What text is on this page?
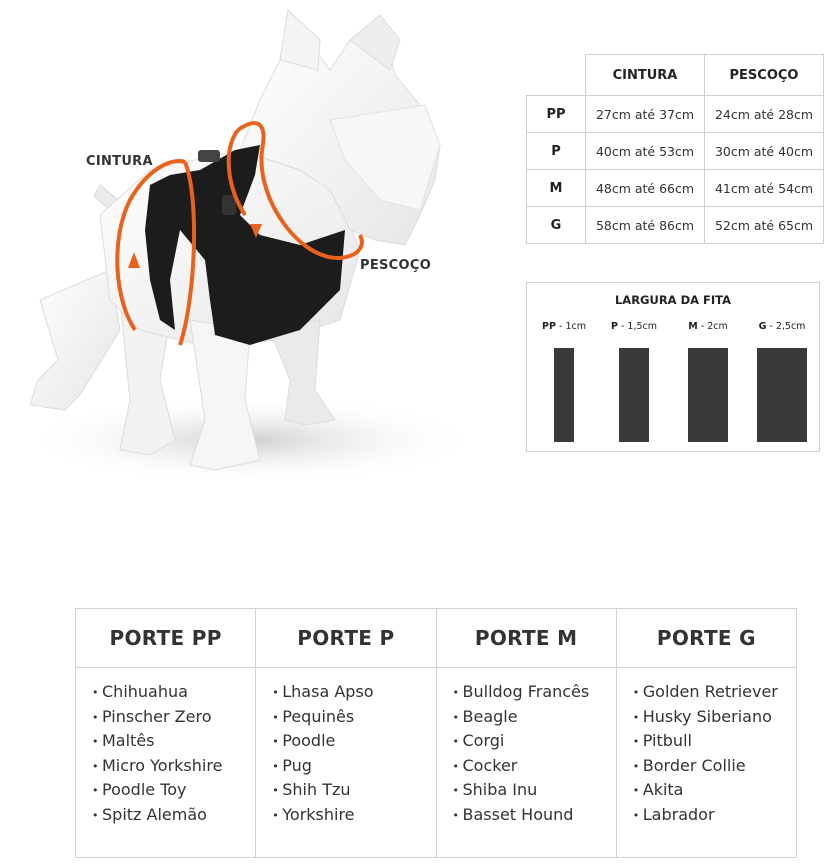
CINTURA
PESCOÇO
	CINTURA	PESCOÇO
PP	27cm até 37cm	24cm até 28cm
P	40cm até 53cm	30cm até 40cm
M	48cm até 66cm	41cm até 54cm
G	58cm até 86cm	52cm até 65cm
LARGURA DA FITA
PP - 1cm	P - 1,5cm	M - 2cm	G - 2,5cm
PORTE PP
• Chihuahua
• Pinscher Zero
• Maltês
• Micro Yorkshire
• Poodle Toy
• Spitz Alemão
PORTE P
• Lhasa Apso
• Pequinês
• Poodle
• Pug
• Shih Tzu
• Yorkshire
PORTE M
• Bulldog Francês
• Beagle
• Corgi
• Cocker
• Shiba Inu
• Basset Hound
PORTE G
• Golden Retriever
• Husky Siberiano
• Pitbull
• Border Collie
• Akita
• Labrador
